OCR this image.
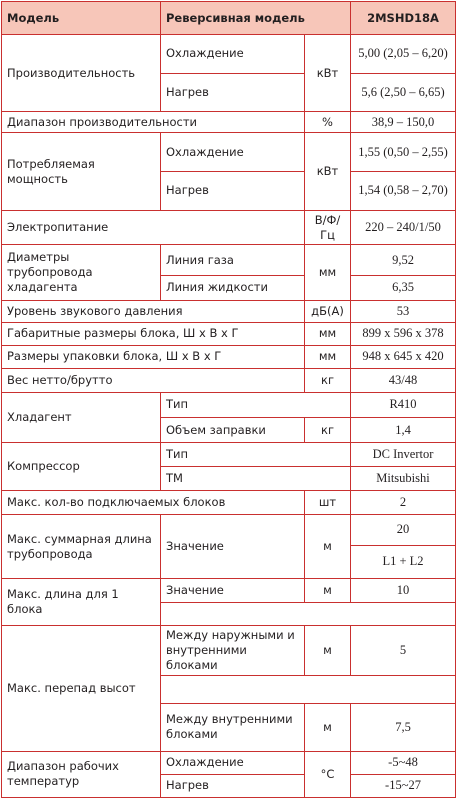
Модель	Реверсивная модель		2MSHD18A
Производительность	Охлаждение	кВт	5,00 (2,05 – 6,20)
	Нагрев		5,6 (2,50 – 6,65)
Диапазон производительности		%	38,9 – 150,0
Потребляемая мощность	Охлаждение	кВт	1,55 (0,50 – 2,55)
	Нагрев		1,54 (0,58 – 2,70)
Электропитание		В/Ф/Гц	220 – 240/1/50
Диаметры трубопровода хладагента	Линия газа	мм	9,52
	Линия жидкости		6,35
Уровень звукового давления		дБ(А)	53
Габаритные размеры блока, Ш x В x Г		мм	899 x 596 x 378
Размеры упаковки блока, Ш x В x Г		мм	948 x 645 x 420
Вес нетто/брутто		кг	43/48
Хладагент	Тип		R410
	Объем заправки	кг	1,4
Компрессор	Тип		DC Invertor
	ТМ		Mitsubishi
Макс. кол-во подключаемых блоков		шт	2
Макс. суммарная длина трубопровода	Значение	м	20
			L1 + L2
Макс. длина для 1 блока	Значение	м	10

Макс. перепад высот	Между наружными и внутренними блоками	м	5

	Между внутренними блоками	м	7,5
Диапазон рабочих температур	Охлаждение	°C	-5~48
	Нагрев		-15~27
